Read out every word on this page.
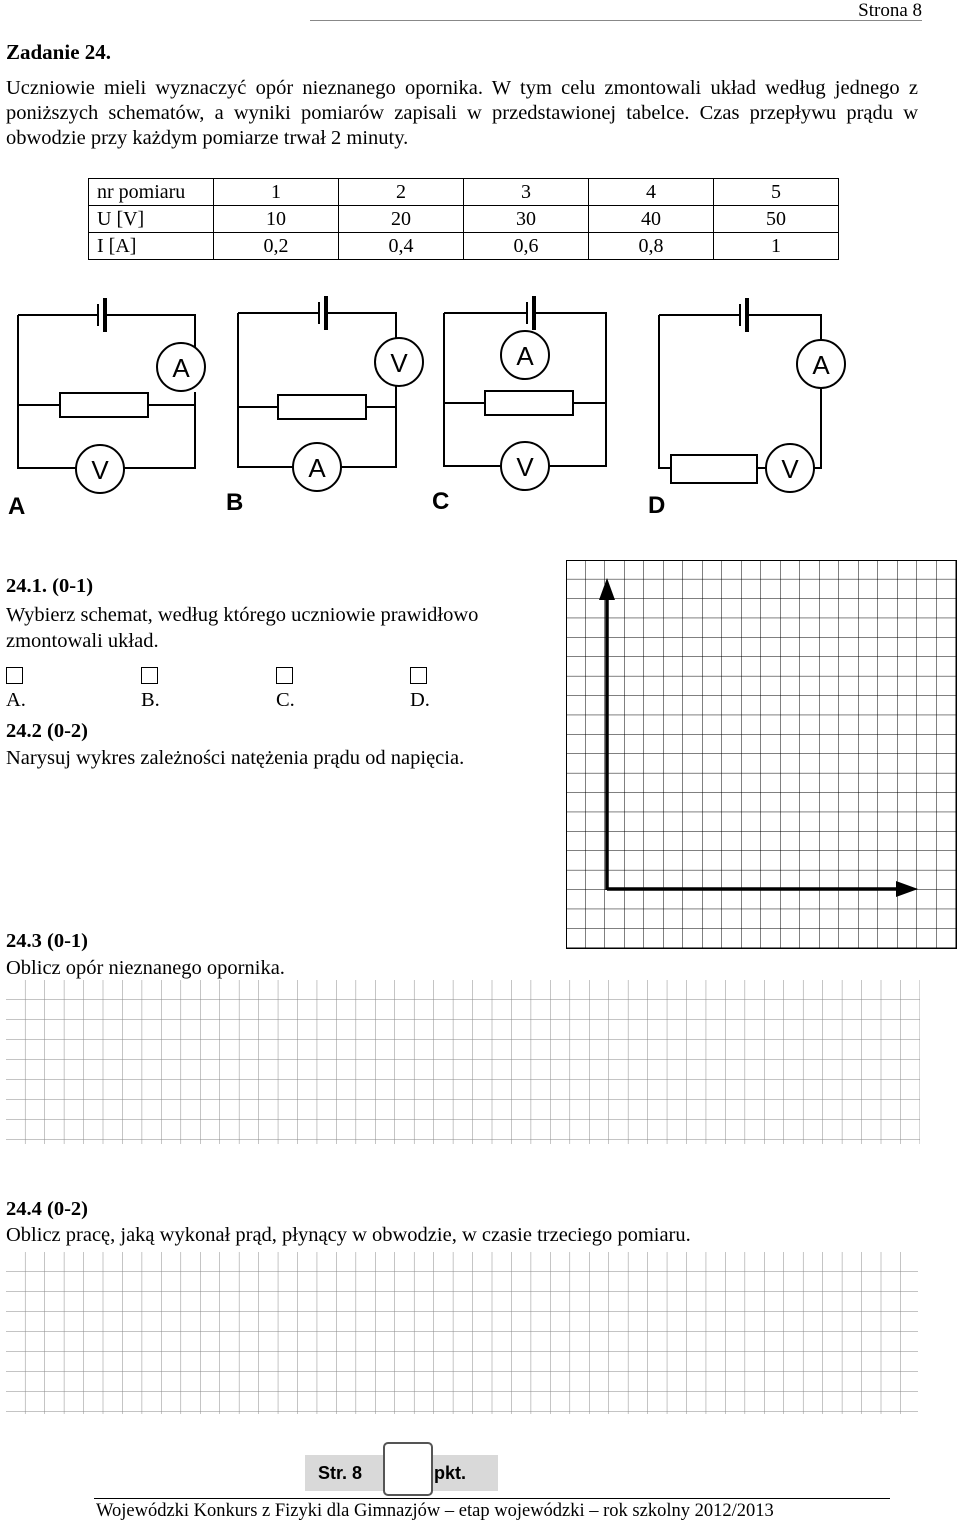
Strona 8
Zadanie 24.
Uczniowie mieli wyznaczyć opór nieznanego opornika. W tym celu zmontowali układ według jednego z poniższych schematów, a wyniki pomiarów zapisali w przedstawionej tabelce. Czas przepływu prądu w obwodzie przy każdym pomiarze trwał 2 minuty.
nr pomiaru	1	2	3	4	5
U [V]	10	20	30	40	50
I [A]	0,2	0,4	0,6	0,8	1
A
V	A
V	A
V
A
V
A	B	C	D
24.1. (0-1)
Wybierz schemat, według którego uczniowie prawidłowo zmontowali układ.
A.	B.	C.	D.
24.2 (0-2)
Narysuj wykres zależności natężenia prądu od napięcia.
24.3 (0-1)
Oblicz opór nieznanego opornika.
24.4 (0-2)
Oblicz pracę, jaką wykonał prąd, płynący w obwodzie, w czasie trzeciego pomiaru.
Str. 8	pkt.
Wojewódzki Konkurs z Fizyki dla Gimnazjów – etap wojewódzki – rok szkolny 2012/2013
